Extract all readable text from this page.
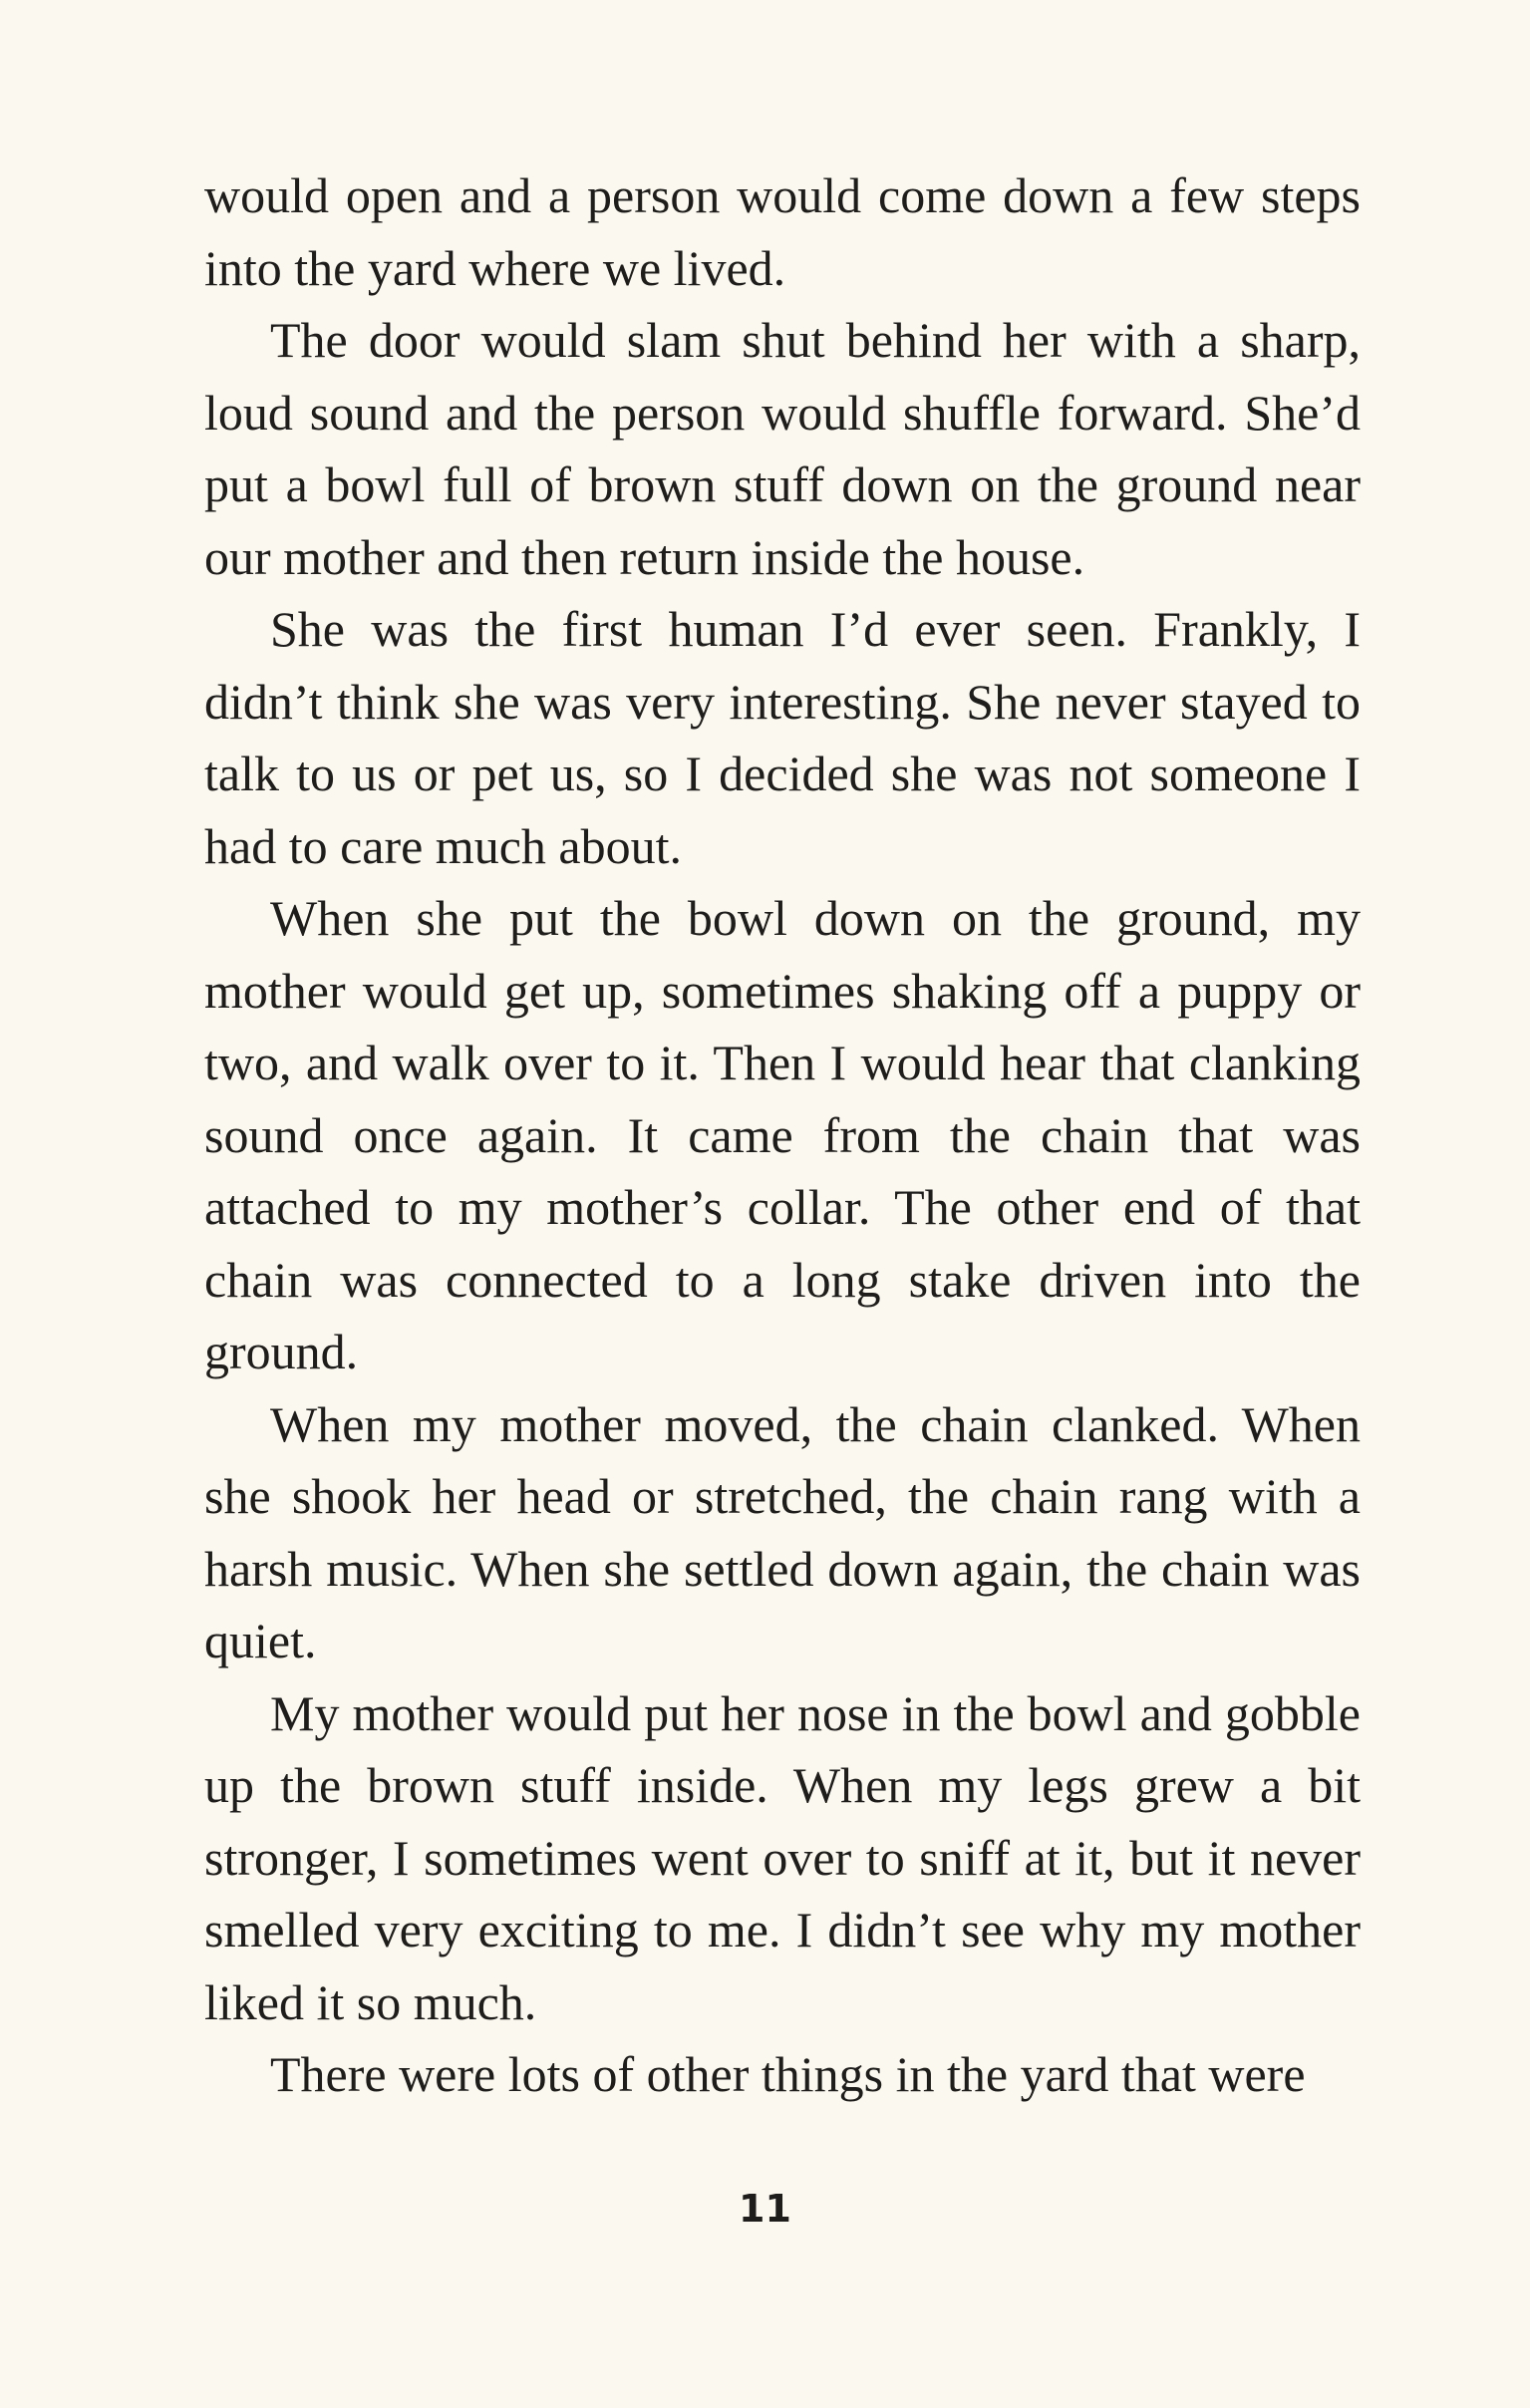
would open and a person would come down a few steps into the yard where we lived.

The door would slam shut behind her with a sharp, loud sound and the person would shuffle forward. She’d put a bowl full of brown stuff down on the ground near our mother and then return inside the house.

She was the first human I’d ever seen. Frankly, I didn’t think she was very interesting. She never stayed to talk to us or pet us, so I decided she was not someone I had to care much about.

When she put the bowl down on the ground, my mother would get up, sometimes shaking off a puppy or two, and walk over to it. Then I would hear that clanking sound once again. It came from the chain that was attached to my mother’s collar. The other end of that chain was connected to a long stake driven into the ground.

When my mother moved, the chain clanked. When she shook her head or stretched, the chain rang with a harsh music. When she settled down again, the chain was quiet.

My mother would put her nose in the bowl and gobble up the brown stuff inside. When my legs grew a bit stronger, I sometimes went over to sniff at it, but it never smelled very exciting to me. I didn’t see why my mother liked it so much.

There were lots of other things in the yard that were

11
